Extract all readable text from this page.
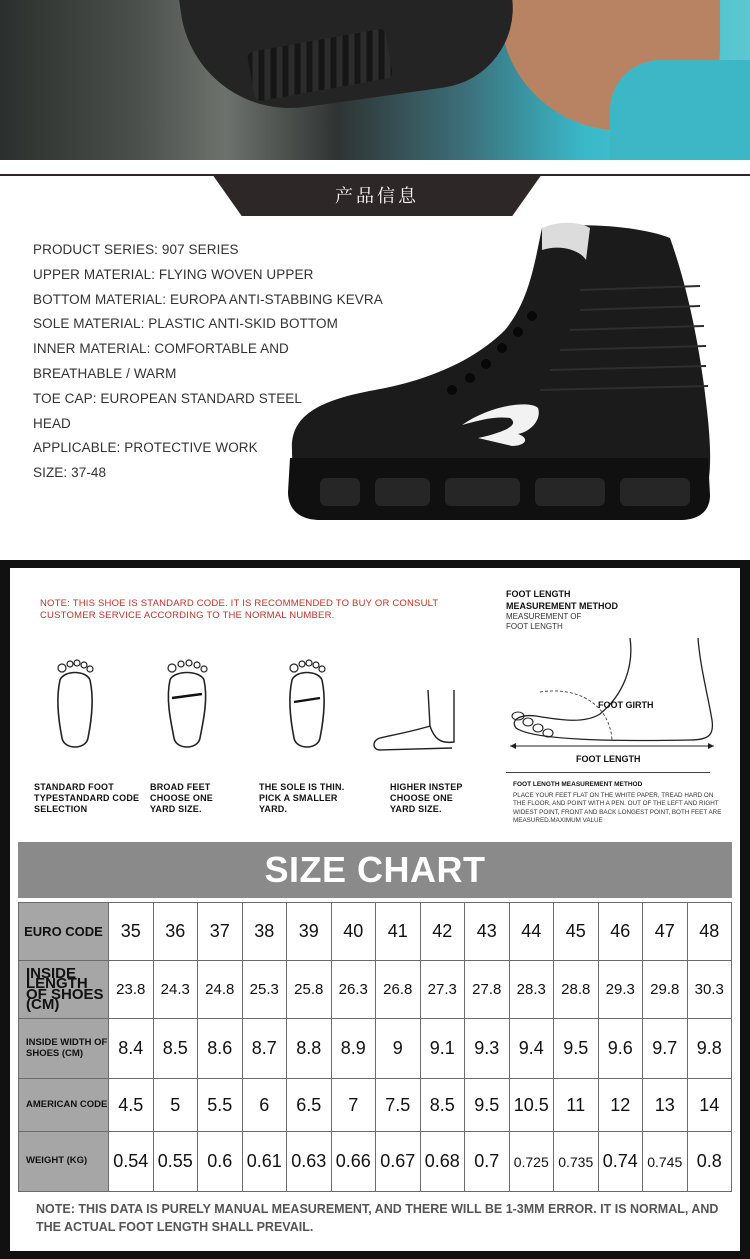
产品信息
PRODUCT SERIES: 907 SERIES
UPPER MATERIAL: FLYING WOVEN UPPER
BOTTOM MATERIAL: EUROPA ANTI-STABBING KEVRA
SOLE MATERIAL: PLASTIC ANTI-SKID BOTTOM
INNER MATERIAL: COMFORTABLE AND
BREATHABLE / WARM
TOE CAP: EUROPEAN STANDARD STEEL
HEAD
APPLICABLE: PROTECTIVE WORK
SIZE: 37-48
NOTE: THIS SHOE IS STANDARD CODE. IT IS RECOMMENDED TO BUY OR CONSULT CUSTOMER SERVICE ACCORDING TO THE NORMAL NUMBER.
STANDARD FOOT TYPESTANDARD CODE SELECTION
BROAD FEET CHOOSE ONE YARD SIZE.
THE SOLE IS THIN. PICK A SMALLER YARD.
HIGHER INSTEP CHOOSE ONE YARD SIZE.
FOOT LENGTH MEASUREMENT METHOD
MEASUREMENT OF FOOT LENGTH
FOOT GIRTH
FOOT LENGTH
FOOT LENGTH MEASUREMENT METHOD
PLACE YOUR FEET FLAT ON THE WHITE PAPER, TREAD HARD ON THE FLOOR, AND POINT WITH A PEN. OUT OF THE LEFT AND RIGHT WIDEST POINT, FRONT AND BACK LONGEST POINT, BOTH FEET ARE MEASURED.MAXIMUM VALUE
SIZE CHART
EURO CODE	35	36	37	38	39	40	41	42	43	44	45	46	47	48
INSIDE LENGTH OF SHOES (CM)	23.8	24.3	24.8	25.3	25.8	26.3	26.8	27.3	27.8	28.3	28.8	29.3	29.8	30.3
INSIDE WIDTH OF SHOES (CM)	8.4	8.5	8.6	8.7	8.8	8.9	9	9.1	9.3	9.4	9.5	9.6	9.7	9.8
AMERICAN CODE	4.5	5	5.5	6	6.5	7	7.5	8.5	9.5	10.5	11	12	13	14
WEIGHT (KG)	0.54	0.55	0.6	0.61	0.63	0.66	0.67	0.68	0.7	0.725	0.735	0.74	0.745	0.8
NOTE: THIS DATA IS PURELY MANUAL MEASUREMENT, AND THERE WILL BE 1-3MM ERROR. IT IS NORMAL, AND THE ACTUAL FOOT LENGTH SHALL PREVAIL.
